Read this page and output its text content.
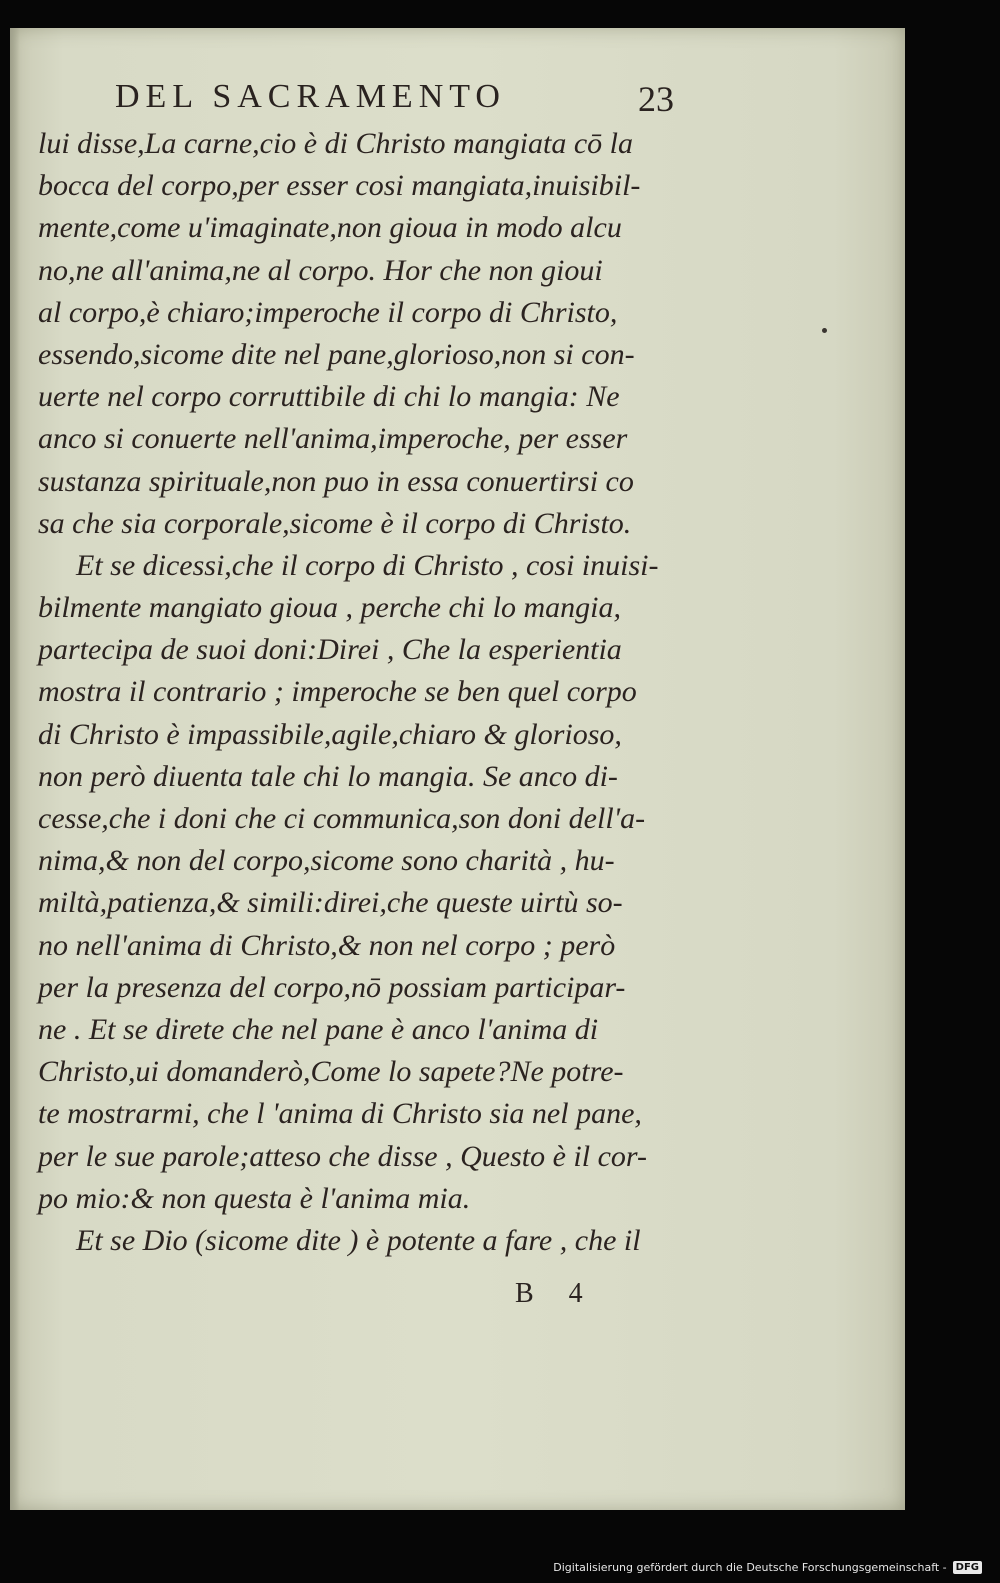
DEL SACRAMENTO	23
lui disse,La carne,cio è di Christo mangiata cō la
bocca del corpo,per esser cosi mangiata,inuisibil-
mente,come u'imaginate,non gioua in modo alcu
no,ne all'anima,ne al corpo. Hor che non gioui
al corpo,è chiaro;imperoche il corpo di Christo,
essendo,sicome dite nel pane,glorioso,non si con-
uerte nel corpo corruttibile di chi lo mangia: Ne
anco si conuerte nell'anima,imperoche, per esser
sustanza spirituale,non puo in essa conuertirsi co
sa che sia corporale,sicome è il corpo di Christo.
Et se dicessi,che il corpo di Christo , cosi inuisi-
bilmente mangiato gioua , perche chi lo mangia,
partecipa de suoi doni:Direi , Che la esperientia
mostra il contrario ; imperoche se ben quel corpo
di Christo è impassibile,agile,chiaro & glorioso,
non però diuenta tale chi lo mangia. Se anco di-
cesse,che i doni che ci communica,son doni dell'a-
nima,& non del corpo,sicome sono charità , hu-
miltà,patienza,& simili:direi,che queste uirtù so-
no nell'anima di Christo,& non nel corpo ; però
per la presenza del corpo,nō possiam participar-
ne . Et se direte che nel pane è anco l'anima di
Christo,ui domanderò,Come lo sapete?Ne potre-
te mostrarmi, che l 'anima di Christo sia nel pane,
per le sue parole;atteso che disse , Questo è il cor-
po mio:& non questa è l'anima mia.
Et se Dio (sicome dite ) è potente a fare , che il
B 4
Digitalisierung gefördert durch die Deutsche Forschungsgemeinschaft - DFG
